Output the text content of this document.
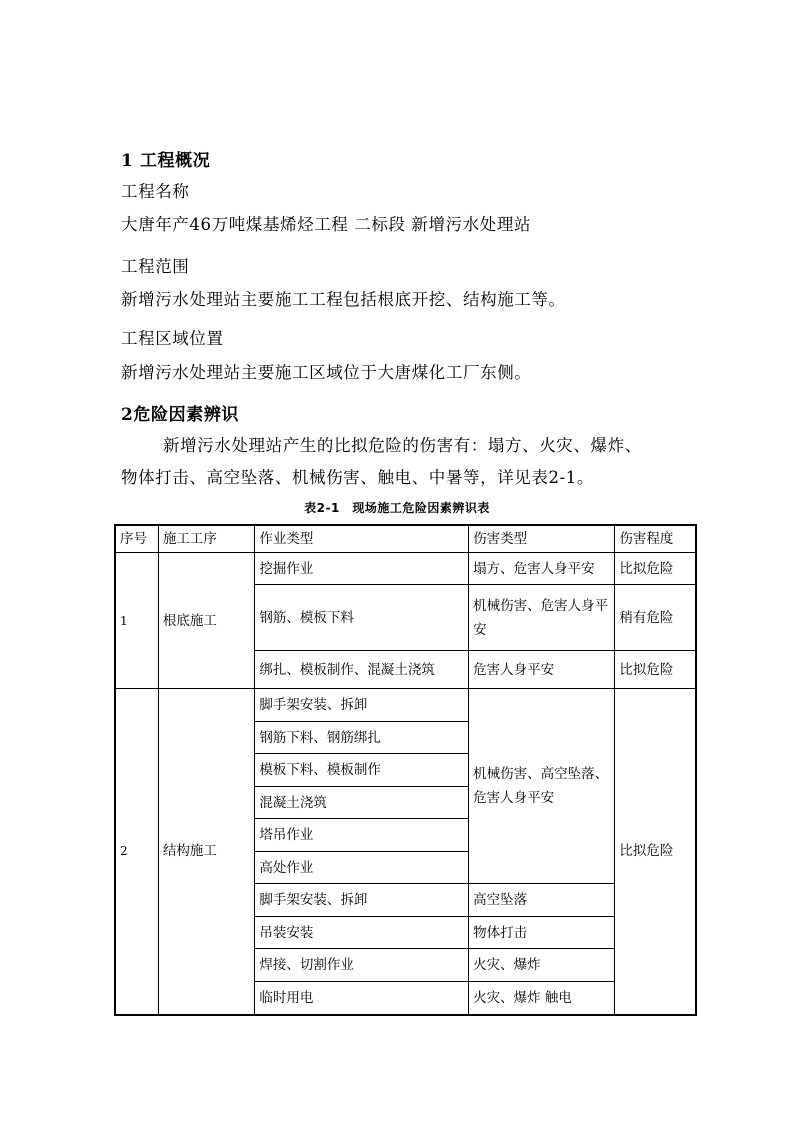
1 工程概况
工程名称
大唐年产46万吨煤基烯烃工程 二标段 新增污水处理站
工程范围
新增污水处理站主要施工工程包括根底开挖、结构施工等。
工程区域位置
新增污水处理站主要施工区域位于大唐煤化工厂东侧。
2危险因素辨识
新增污水处理站产生的比拟危险的伤害有：塌方、火灾、爆炸、
物体打击、高空坠落、机械伤害、触电、中暑等，详见表2-1。
表2-1　现场施工危险因素辨识表
序号	施工工序	作业类型	伤害类型	伤害程度
1	根底施工	挖掘作业	塌方、危害人身平安	比拟危险
		钢筋、模板下料	机械伤害、危害人身平安	稍有危险
		绑扎、模板制作、混凝土浇筑	危害人身平安	比拟危险
2	结构施工	脚手架安装、拆卸	机械伤害、高空坠落、危害人身平安	比拟危险
		钢筋下料、钢筋绑扎		
		模板下料、模板制作		
		混凝土浇筑		
		塔吊作业		
		高处作业		
		脚手架安装、拆卸	高空坠落	
		吊装安装	物体打击	
		焊接、切割作业	火灾、爆炸	
		临时用电	火灾、爆炸 触电	
